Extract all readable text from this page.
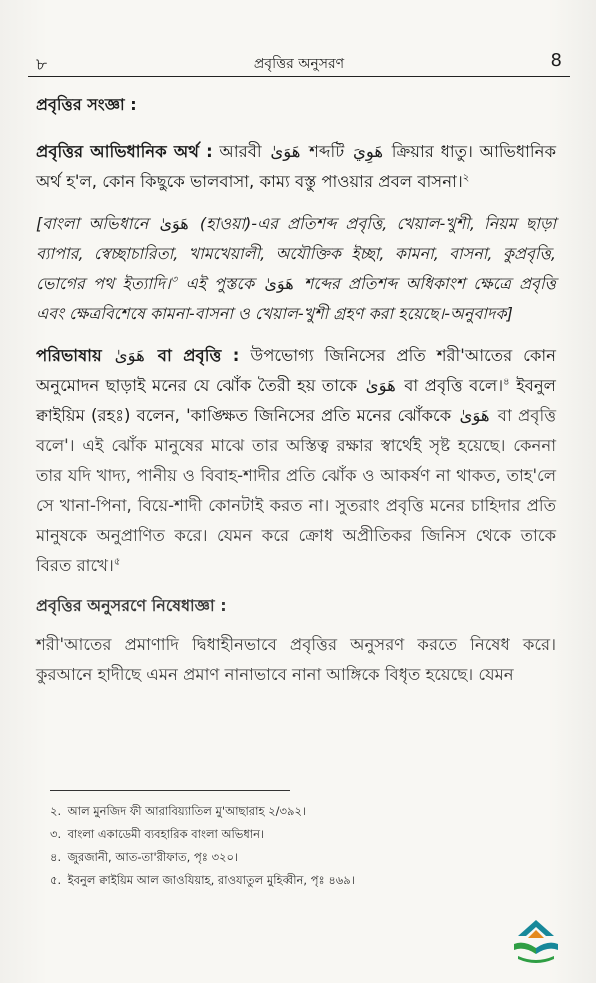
৮	প্রবৃত্তির অনুসরণ	8
প্রবৃত্তির সংজ্ঞা :

প্রবৃত্তির আভিধানিক অর্থ : আরবী هَوَىٰ শব্দটি هَوِيَ ক্রিয়ার ধাতু। আভিধানিক অর্থ হ'ল, কোন কিছুকে ভালবাসা, কাম্য বস্তু পাওয়ার প্রবল বাসনা।$^২$

[বাংলা অভিধানে هَوَىٰ (হাওয়া)-এর প্রতিশব্দ প্রবৃত্তি, খেয়াল-খুশী, নিয়ম ছাড়া ব্যাপার, স্বেচ্ছাচারিতা, খামখেয়ালী, অযৌক্তিক ইচ্ছা, কামনা, বাসনা, কুপ্রবৃত্তি, ভোগের পথ ইত্যাদি।$^৩$ এই পুস্তকে هَوَىٰ শব্দের প্রতিশব্দ অধিকাংশ ক্ষেত্রে প্রবৃত্তি এবং ক্ষেত্রবিশেষে কামনা-বাসনা ও খেয়াল-খুশী গ্রহণ করা হয়েছে।-অনুবাদক]

পরিভাষায় هَوَىٰ বা প্রবৃত্তি : উপভোগ্য জিনিসের প্রতি শরী'আতের কোন অনুমোদন ছাড়াই মনের যে ঝোঁক তৈরী হয় তাকে هَوَىٰ বা প্রবৃত্তি বলে।$^৪$ ইবনুল ক্বাইয়িম (রহঃ) বলেন, 'কাঙ্ক্ষিত জিনিসের প্রতি মনের ঝোঁককে هَوَىٰ বা প্রবৃত্তি বলে'। এই ঝোঁক মানুষের মাঝে তার অস্তিত্ব রক্ষার স্বার্থেই সৃষ্ট হয়েছে। কেননা তার যদি খাদ্য, পানীয় ও বিবাহ-শাদীর প্রতি ঝোঁক ও আকর্ষণ না থাকত, তাহ'লে সে খানা-পিনা, বিয়ে-শাদী কোনটাই করত না। সুতরাং প্রবৃত্তি মনের চাহিদার প্রতি মানুষকে অনুপ্রাণিত করে। যেমন করে ক্রোধ অপ্রীতিকর জিনিস থেকে তাকে বিরত রাখে।$^৫$

প্রবৃত্তির অনুসরণে নিষেধাজ্ঞা :

শরী'আতের প্রমাণাদি দ্বিধাহীনভাবে প্রবৃত্তির অনুসরণ করতে নিষেধ করে। কুরআনে হাদীছে এমন প্রমাণ নানাভাবে নানা আঙ্গিকে বিধৃত হয়েছে। যেমন

২. আল মুনজিদ ফী আরাবিয়্যাতিল মু'আছারাহ ২/৩৯২।
৩. বাংলা একাডেমী ব্যবহারিক বাংলা অভিধান।
৪. জুরজানী, আত-তা'রীফাত, পৃঃ ৩২০।
৫. ইবনুল ক্বাইয়িম আল জাওযিয়াহ, রাওযাতুল মুহিব্বীন, পৃঃ ৪৬৯।
